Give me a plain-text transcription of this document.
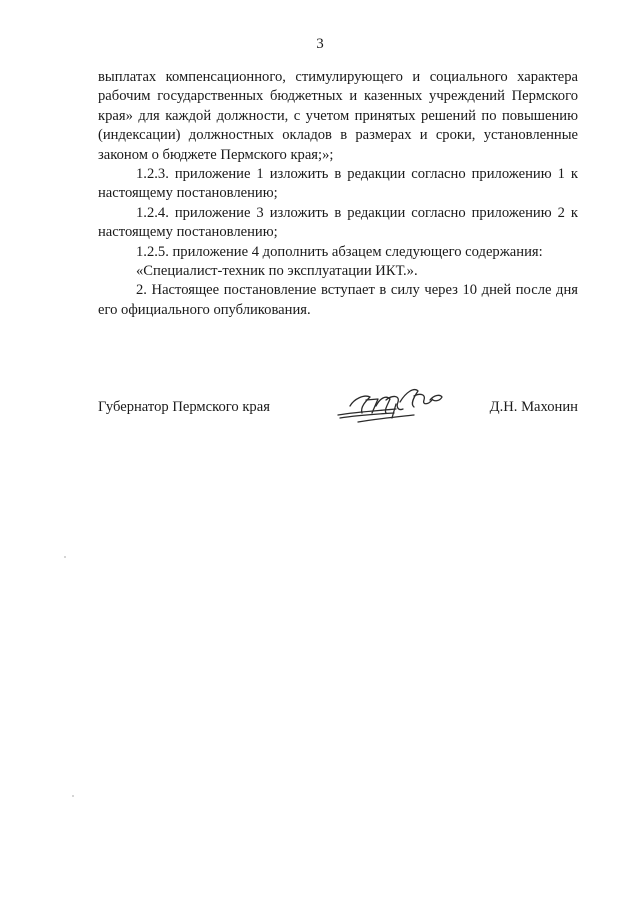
3

выплатах компенсационного, стимулирующего и социального характера рабочим государственных бюджетных и казенных учреждений Пермского края» для каждой должности, с учетом принятых решений по повышению (индексации) должностных окладов в размерах и сроки, установленные законом о бюджете Пермского края;»;

1.2.3. приложение 1 изложить в редакции согласно приложению 1 к настоящему постановлению;

1.2.4. приложение 3 изложить в редакции согласно приложению 2 к настоящему постановлению;

1.2.5. приложение 4 дополнить абзацем следующего содержания:

«Специалист-техник по эксплуатации ИКТ.».

2. Настоящее постановление вступает в силу через 10 дней после дня его официального опубликования.

Губернатор Пермского края	Д.Н. Махонин
